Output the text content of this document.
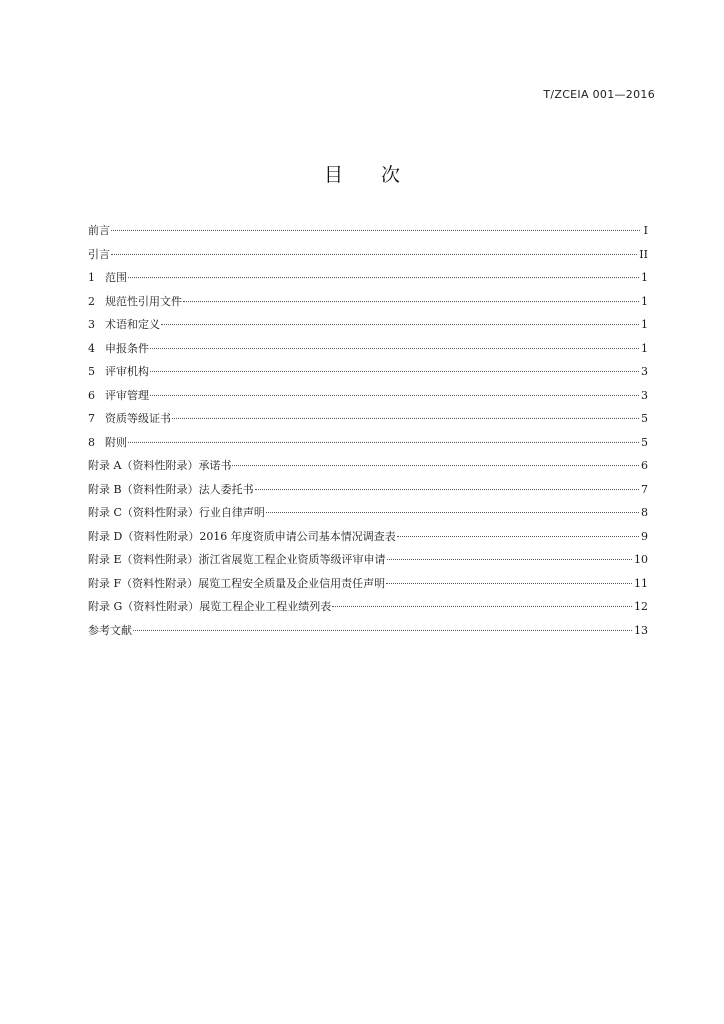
T/ZCEIA 001—2016
目 次
前言	I
引言	II
1 范围	1
2 规范性引用文件	1
3 术语和定义	1
4 申报条件	1
5 评审机构	3
6 评审管理	3
7 资质等级证书	5
8 附则	5
附录 A（资料性附录）承诺书	6
附录 B（资料性附录）法人委托书	7
附录 C（资料性附录）行业自律声明	8
附录 D（资料性附录）2016 年度资质申请公司基本情况调查表	9
附录 E（资料性附录）浙江省展览工程企业资质等级评审申请	10
附录 F（资料性附录）展览工程安全质量及企业信用责任声明	11
附录 G（资料性附录）展览工程企业工程业绩列表	12
参考文献	13
